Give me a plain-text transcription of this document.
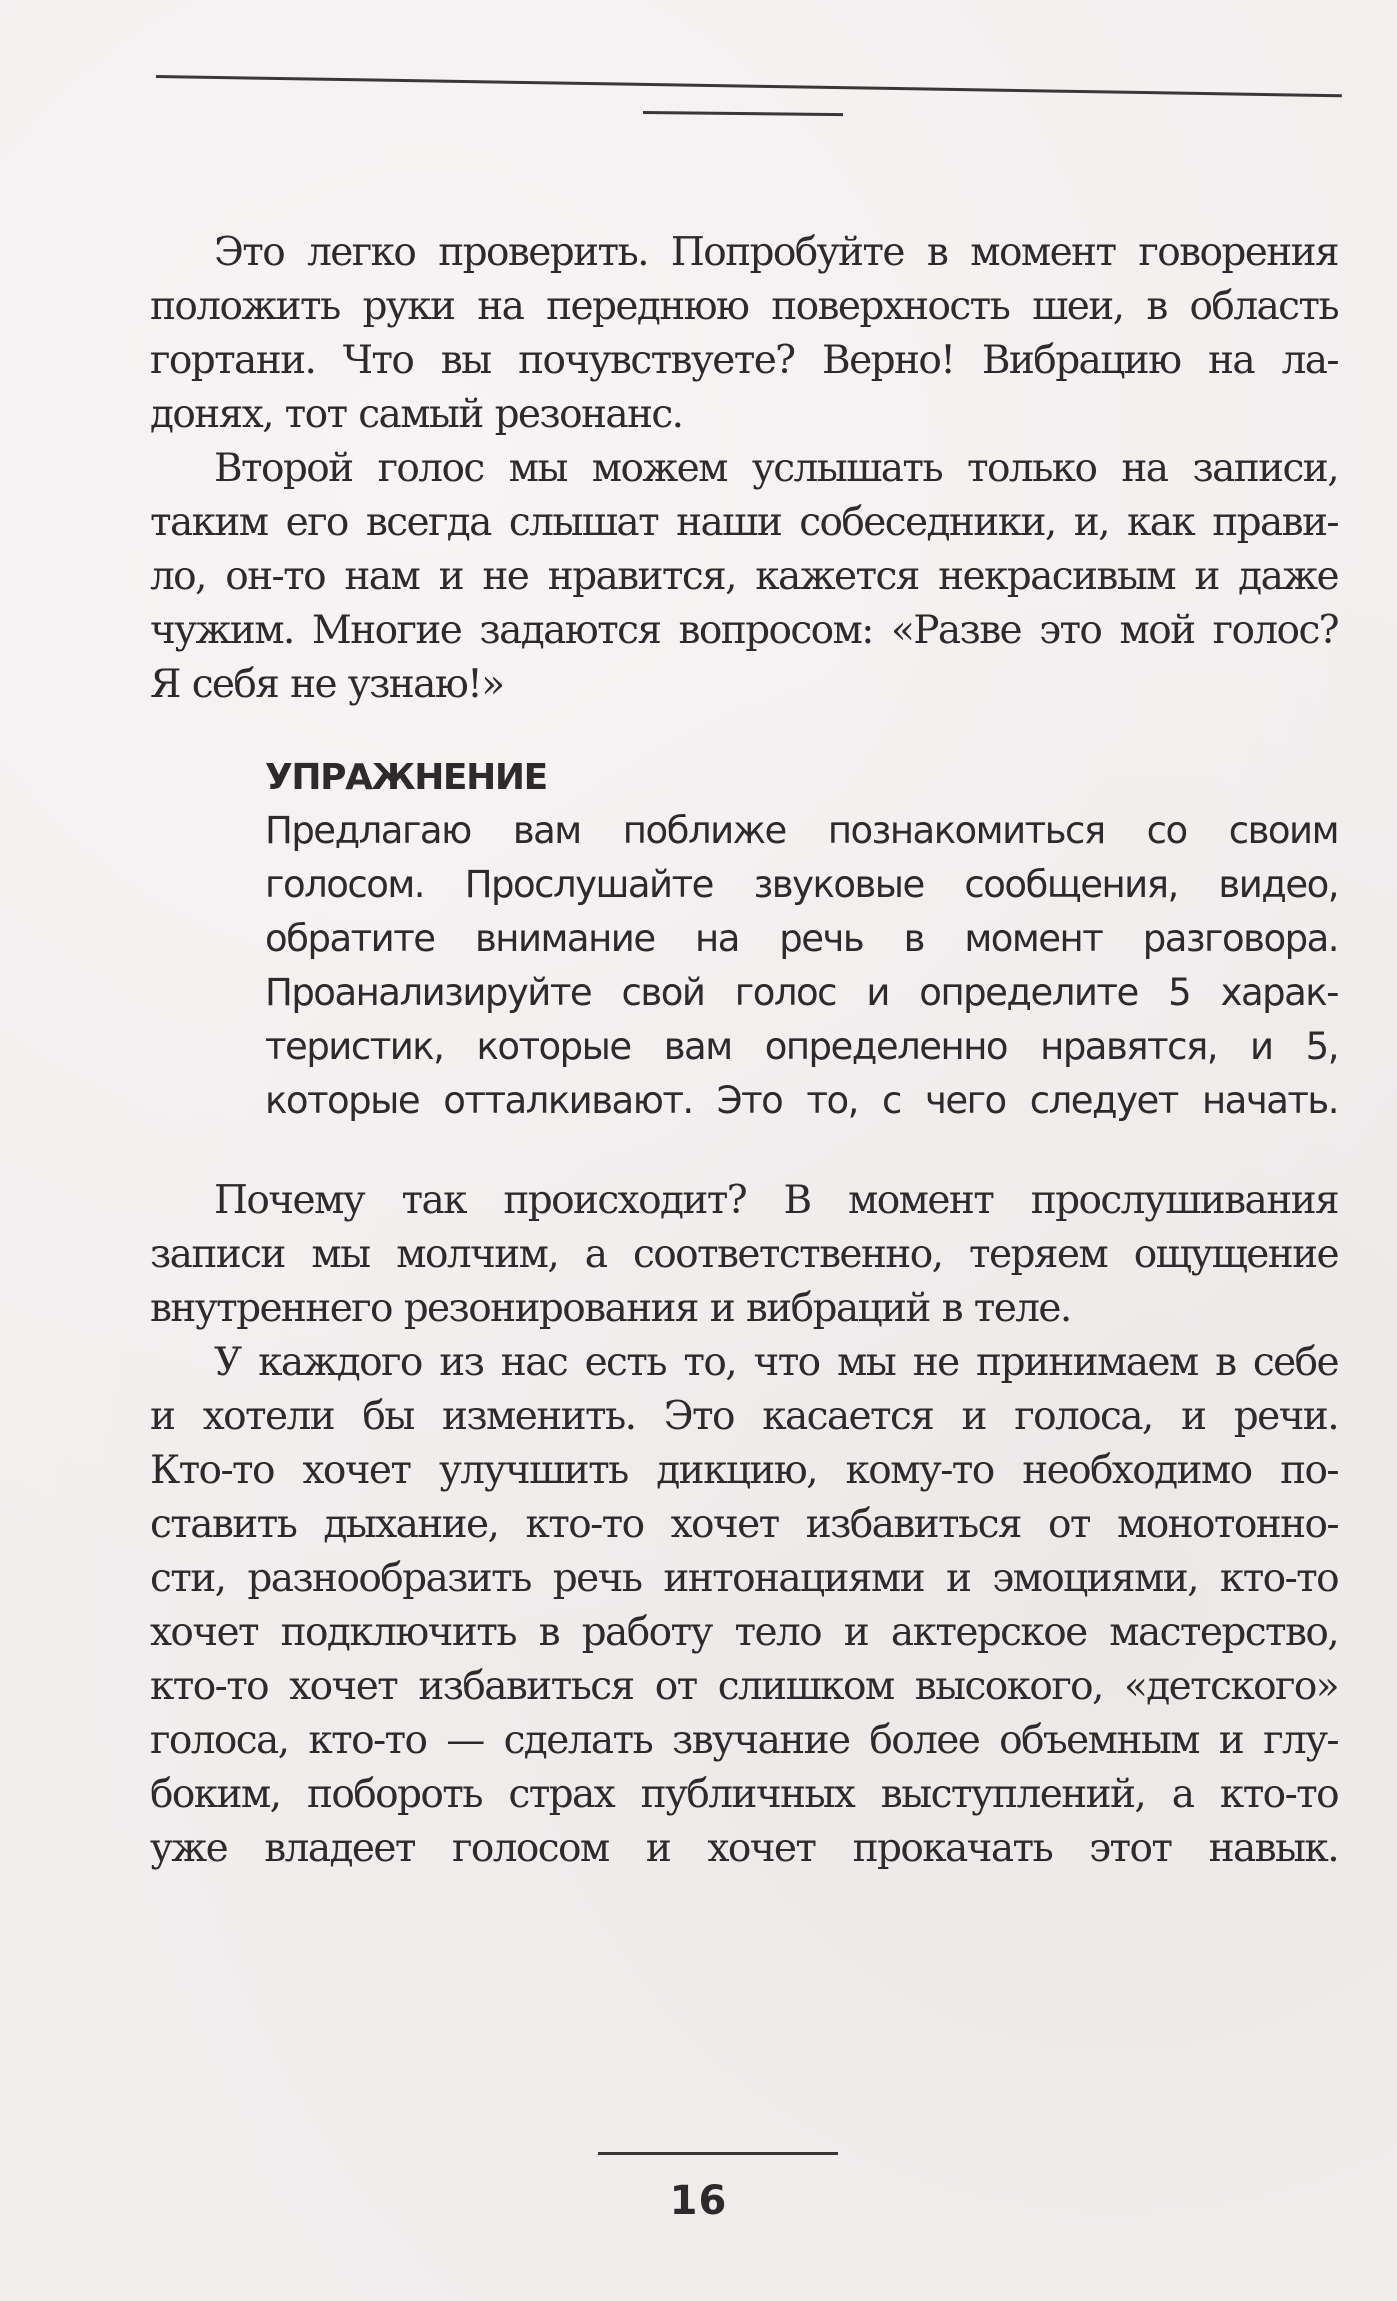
Это легко проверить. Попробуйте в момент говорения
положить руки на переднюю поверхность шеи, в область
гортани. Что вы почувствуете? Верно! Вибрацию на ла-
донях, тот самый резонанс.
Второй голос мы можем услышать только на записи,
таким его всегда слышат наши собеседники, и, как прави-
ло, он-то нам и не нравится, кажется некрасивым и даже
чужим. Многие задаются вопросом: «Разве это мой голос?
Я себя не узнаю!»
УПРАЖНЕНИЕ
Предлагаю вам поближе познакомиться со своим
голосом. Прослушайте звуковые сообщения, видео,
обратите внимание на речь в момент разговора.
Проанализируйте свой голос и определите 5 харак-
теристик, которые вам определенно нравятся, и 5,
которые отталкивают. Это то, с чего следует начать.
Почему так происходит? В момент прослушивания
записи мы молчим, а соответственно, теряем ощущение
внутреннего резонирования и вибраций в теле.
У каждого из нас есть то, что мы не принимаем в себе
и хотели бы изменить. Это касается и голоса, и речи.
Кто-то хочет улучшить дикцию, кому-то необходимо по-
ставить дыхание, кто-то хочет избавиться от монотонно-
сти, разнообразить речь интонациями и эмоциями, кто-то
хочет подключить в работу тело и актерское мастерство,
кто-то хочет избавиться от слишком высокого, «детского»
голоса, кто-то — сделать звучание более объемным и глу-
боким, побороть страх публичных выступлений, а кто-то
уже владеет голосом и хочет прокачать этот навык.
16
